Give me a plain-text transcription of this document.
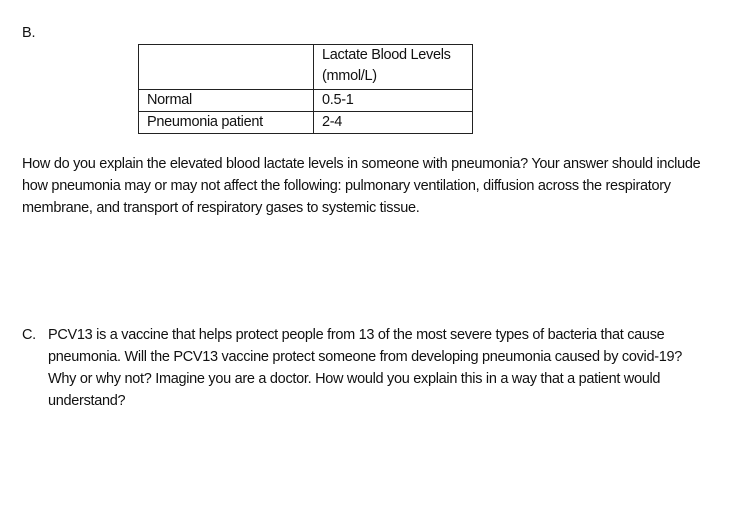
B.
	Lactate Blood Levels (mmol/L)
Normal	0.5-1
Pneumonia patient	2-4
How do you explain the elevated blood lactate levels in someone with pneumonia? Your answer should include how pneumonia may or may not affect the following: pulmonary ventilation, diffusion across the respiratory membrane, and transport of respiratory gases to systemic tissue.
C. PCV13 is a vaccine that helps protect people from 13 of the most severe types of bacteria that cause pneumonia. Will the PCV13 vaccine protect someone from developing pneumonia caused by covid-19? Why or why not? Imagine you are a doctor. How would you explain this in a way that a patient would understand?
